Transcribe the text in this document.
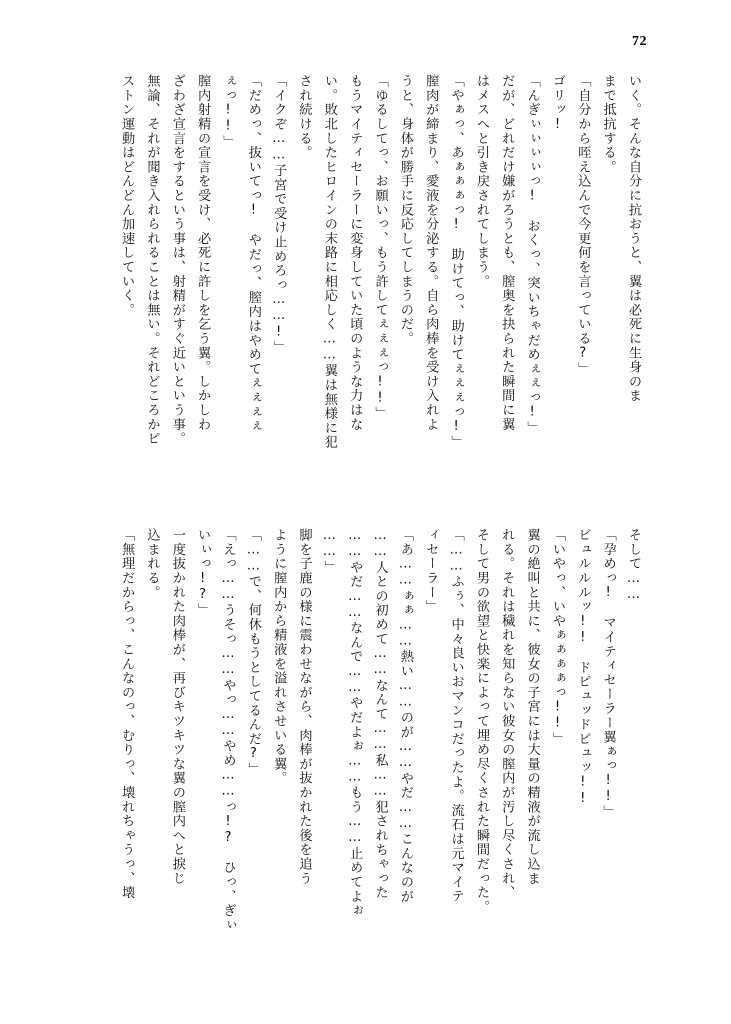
72
いく。そんな自分に抗おうと、翼は必死に生身のま
まで抵抗する。
「自分から咥え込んで今更何を言っている?」
ゴリッ!
「んぎぃぃぃぃっ!　おくっ、突いちゃだめぇぇっ!」
だが、どれだけ嫌がろうとも、膣奥を抉られた瞬間に翼
はメスへと引き戻されてしまう。
「やぁっ、あぁぁぁっ!　助けてっ、助けてぇぇぇっ!」
膣肉が締まり、愛液を分泌する。自ら肉棒を受け入れよ
うと、身体が勝手に反応してしまうのだ。
「ゆるしてっ、お願いっ、もう許してぇぇぇっ!!」
もうマイティセーラーに変身していた頃のような力はな
い。敗北したヒロインの末路に相応しく……翼は無様に犯
され続ける。
「イクぞ……子宮で受け止めろっ……!」
「だめっ、抜いてっ!　やだっ、膣内はやめてぇぇぇぇ
ぇっ!!」
膣内射精の宣言を受け、必死に許しを乞う翼。しかしわ
ざわざ宣言をするという事は、射精がすぐ近いという事。
無論、それが聞き入れられることは無い。それどころかピ
ストン運動はどんどん加速していく。
そして……
「孕めっ!　マイティセーラー翼ぁっ!!」
ビュルルルッ!!　ドピュッドピュッ!!
「いやっ、いやぁぁぁぁっ!!」
翼の絶叫と共に、彼女の子宮には大量の精液が流し込ま
れる。それは穢れを知らない彼女の膣内が汚し尽くされ、
そして男の欲望と快楽によって埋め尽くされた瞬間だった。
「……ふぅ、中々良いおマンコだったよ。流石は元マイテ
ィセーラー」
「あ……ぁぁ……熱い……のが……やだ……こんなのが
……人との初めて……なんて……私……犯されちゃった
……やだ……なんで……やだよぉ……もう……止めてよぉ
……」
脚を子鹿の様に震わせながら、肉棒が抜かれた後を追う
ように膣内から精液を溢れさせいる翼。
「……で、何休もうとしてるんだ?」
「えっ……うそっ……やっ……やめ……っ!?　ひっ、ぎぃ
いぃっ!?」
一度抜かれた肉棒が、再びキツキツな翼の膣内へと捩じ
込まれる。
「無理だからっ、こんなのっ、むりっ、壊れちゃうっ、壊
